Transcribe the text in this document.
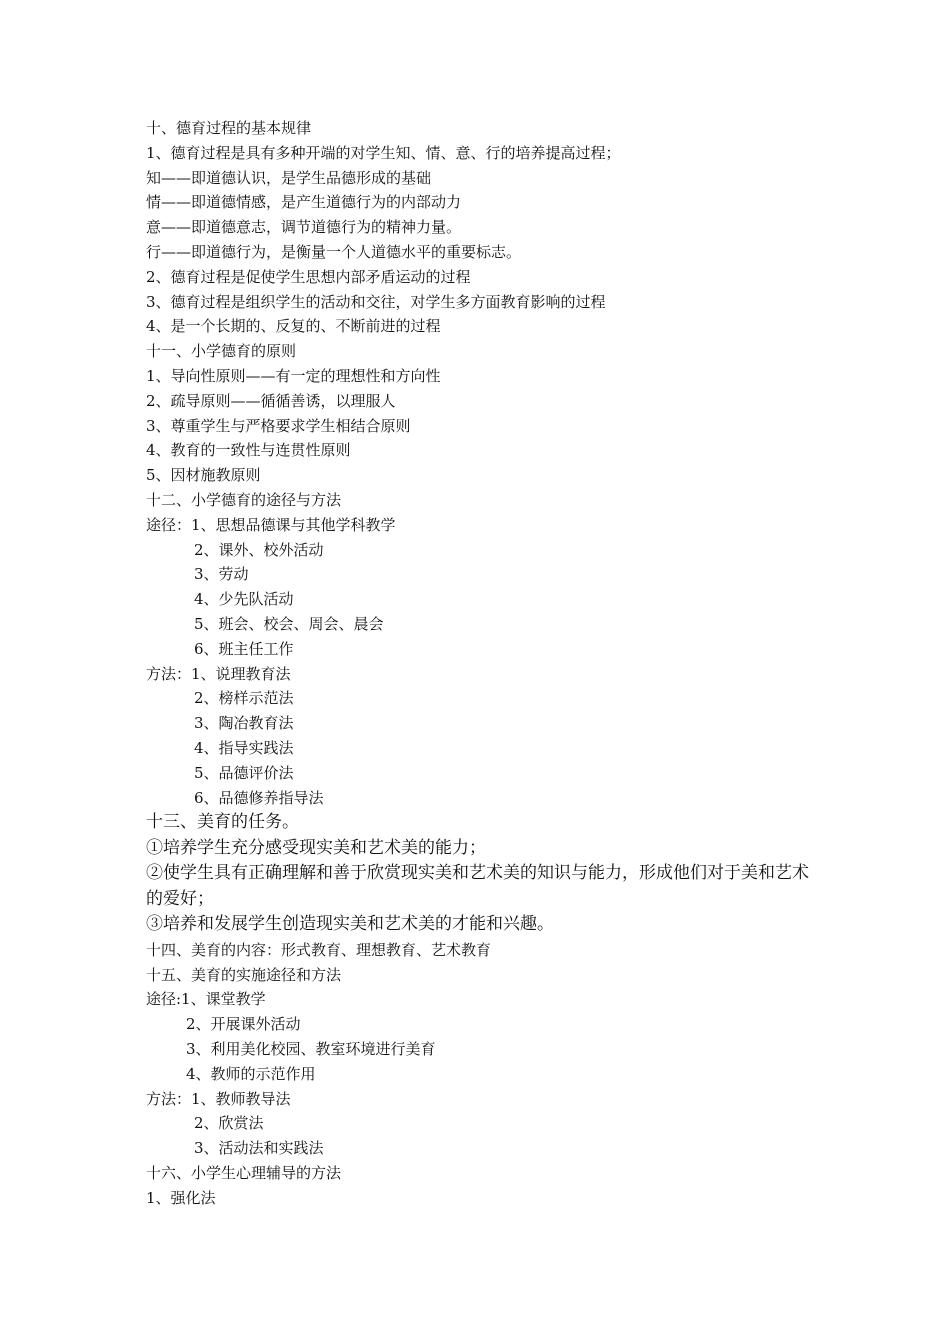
十、德育过程的基本规律
1、德育过程是具有多种开端的对学生知、情、意、行的培养提高过程；
知——即道德认识，是学生品德形成的基础
情——即道德情感，是产生道德行为的内部动力
意——即道德意志，调节道德行为的精神力量。
行——即道德行为，是衡量一个人道德水平的重要标志。
2、德育过程是促使学生思想内部矛盾运动的过程
3、德育过程是组织学生的活动和交往，对学生多方面教育影响的过程
4、是一个长期的、反复的、不断前进的过程
十一、小学德育的原则
1、导向性原则——有一定的理想性和方向性
2、疏导原则——循循善诱，以理服人
3、尊重学生与严格要求学生相结合原则
4、教育的一致性与连贯性原则
5、因材施教原则
十二、小学德育的途径与方法
途径：1、思想品德课与其他学科教学
2、课外、校外活动
3、劳动
4、少先队活动
5、班会、校会、周会、晨会
6、班主任工作
方法：1、说理教育法
2、榜样示范法
3、陶冶教育法
4、指导实践法
5、品德评价法
6、品德修养指导法
十三、美育的任务。
①培养学生充分感受现实美和艺术美的能力；
②使学生具有正确理解和善于欣赏现实美和艺术美的知识与能力，形成他们对于美和艺术的爱好；
③培养和发展学生创造现实美和艺术美的才能和兴趣。
十四、美育的内容：形式教育、理想教育、艺术教育
十五、美育的实施途径和方法
途径:1、课堂教学
2、开展课外活动
3、利用美化校园、教室环境进行美育
4、教师的示范作用
方法：1、教师教导法
2、欣赏法
3、活动法和实践法
十六、小学生心理辅导的方法
1、强化法
